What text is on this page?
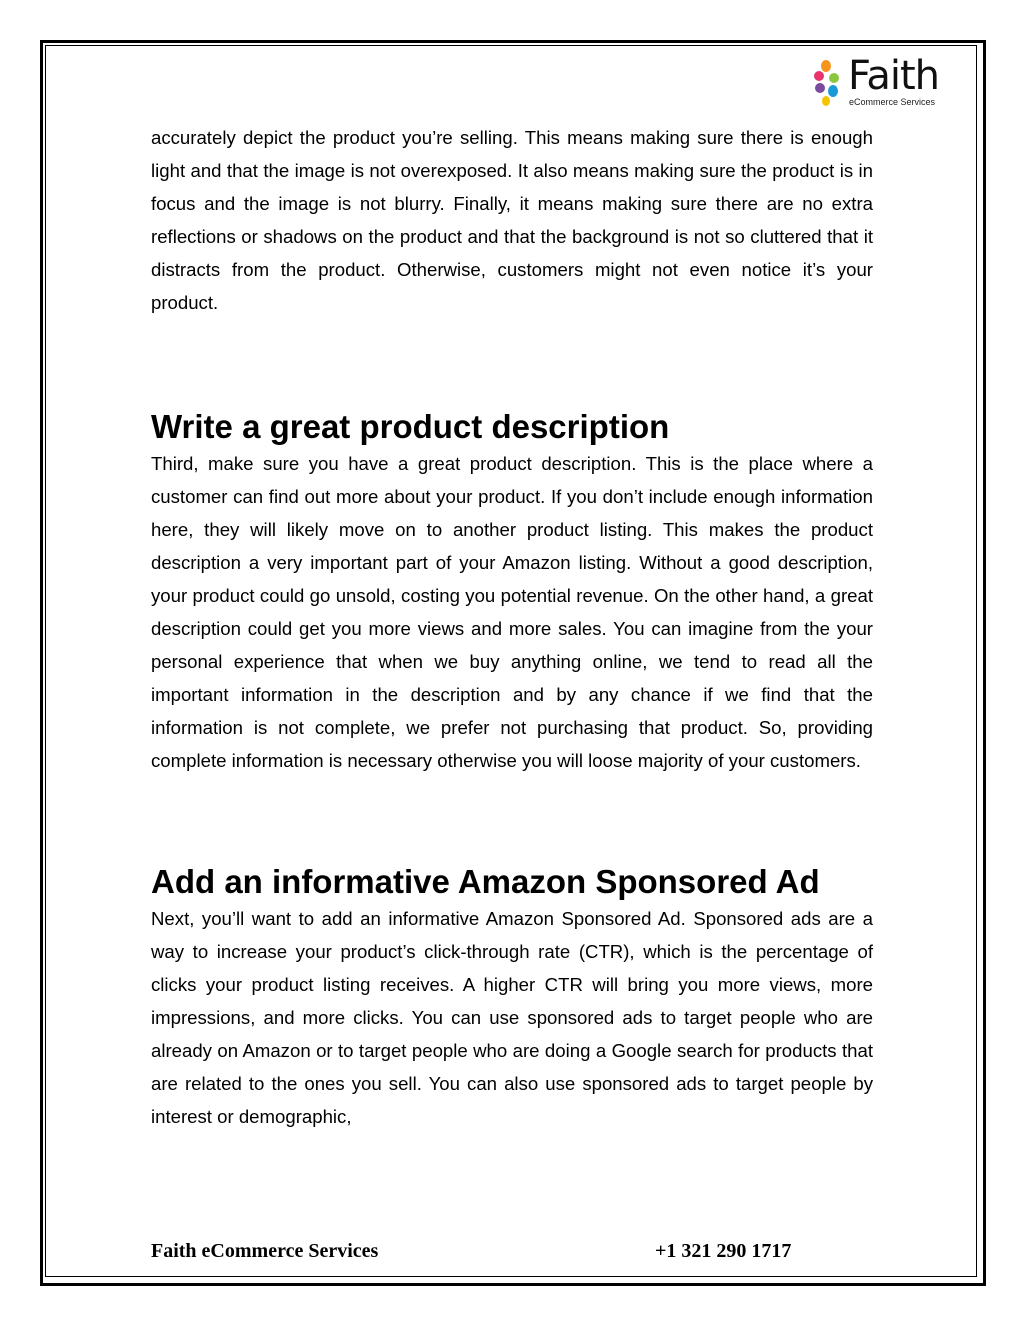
Faith
eCommerce Services

accurately depict the product you’re selling. This means making sure there is enough light and that the image is not overexposed. It also means making sure the product is in focus and the image is not blurry. Finally, it means making sure there are no extra reflections or shadows on the product and that the background is not so cluttered that it distracts from the product. Otherwise, customers might not even notice it’s your product.

Write a great product description

Third, make sure you have a great product description. This is the place where a customer can find out more about your product. If you don’t include enough information here, they will likely move on to another product listing. This makes the product description a very important part of your Amazon listing. Without a good description, your product could go unsold, costing you potential revenue. On the other hand, a great description could get you more views and more sales. You can imagine from the your personal experience that when we buy anything online, we tend to read all the important information in the description and by any chance if we find that the information is not complete, we prefer not purchasing that product. So, providing complete information is necessary otherwise you will loose majority of your customers.

Add an informative Amazon Sponsored Ad

Next, you’ll want to add an informative Amazon Sponsored Ad. Sponsored ads are a way to increase your product’s click-through rate (CTR), which is the percentage of clicks your product listing receives. A higher CTR will bring you more views, more impressions, and more clicks. You can use sponsored ads to target people who are already on Amazon or to target people who are doing a Google search for products that are related to the ones you sell. You can also use sponsored ads to target people by interest or demographic,

Faith eCommerce Services	+1 321 290 1717
